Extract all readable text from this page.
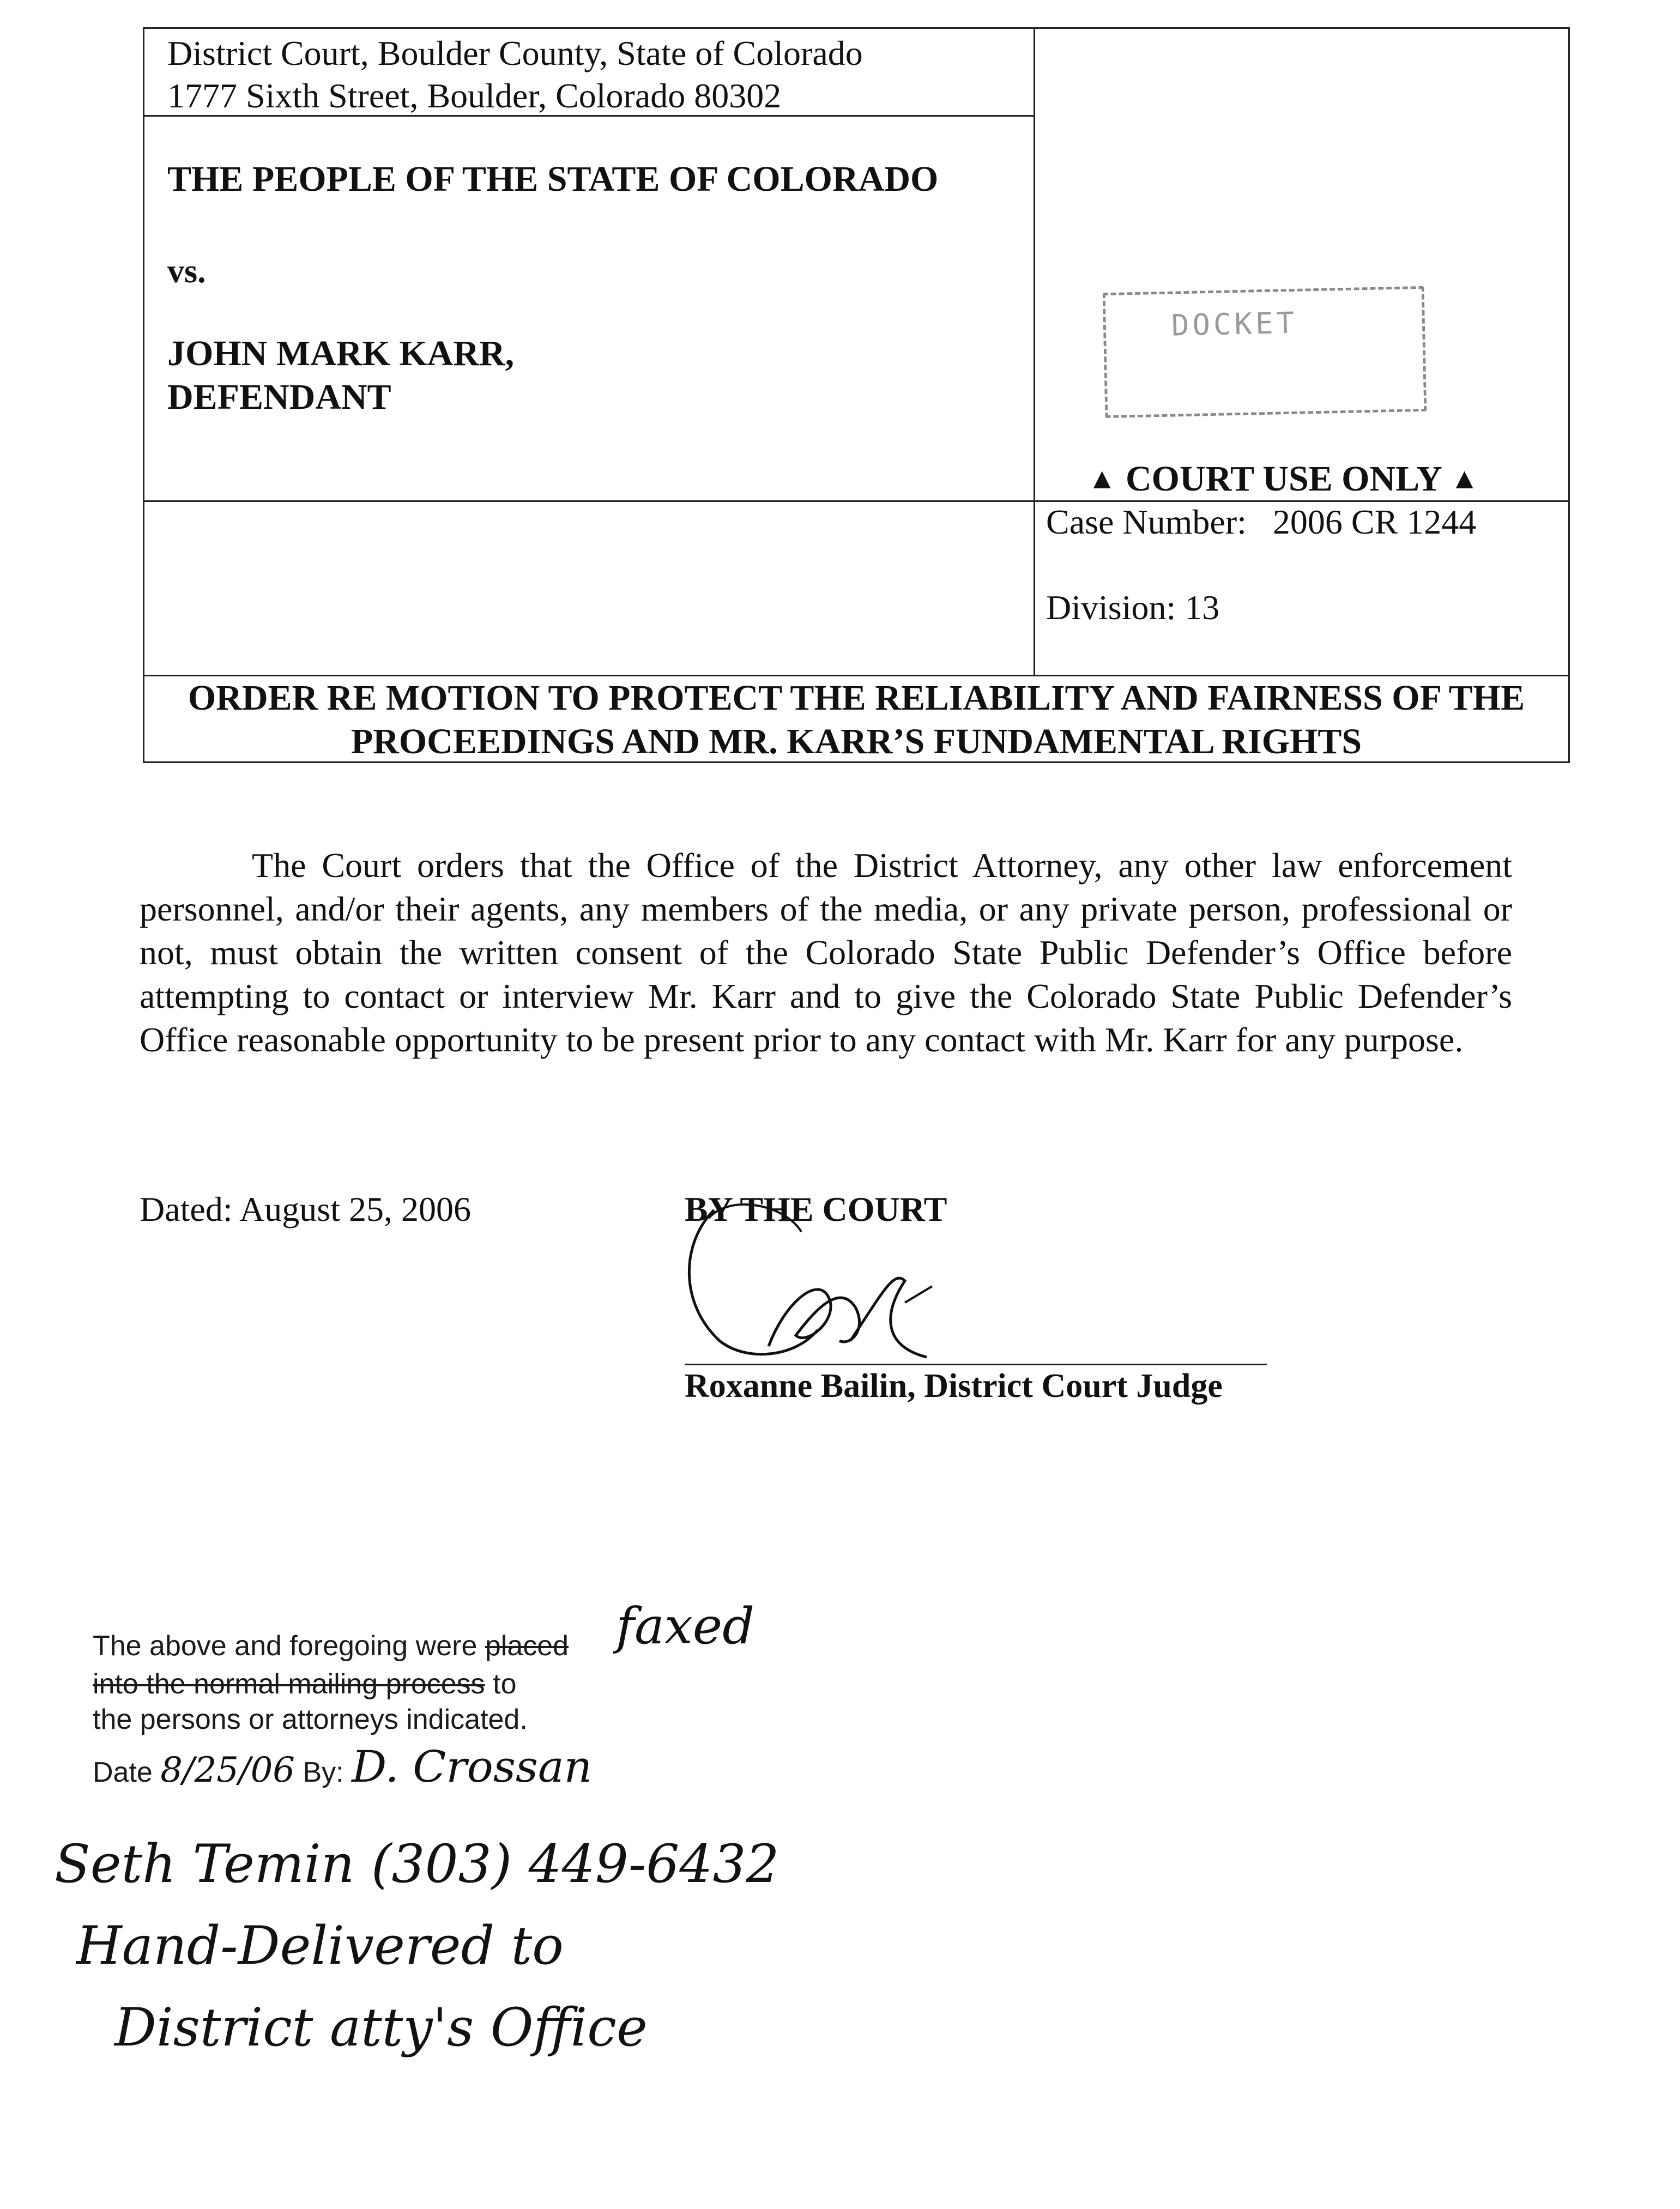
District Court, Boulder County, State of Colorado
1777 Sixth Street, Boulder, Colorado 80302
THE PEOPLE OF THE STATE OF COLORADO
vs.
JOHN MARK KARR,
DEFENDANT
DOCKET
▲ COURT USE ONLY ▲
Case Number: 2006 CR 1244
Division: 13
ORDER RE MOTION TO PROTECT THE RELIABILITY AND FAIRNESS OF THE
PROCEEDINGS AND MR. KARR’S FUNDAMENTAL RIGHTS
The Court orders that the Office of the District Attorney, any other law enforcement personnel, and/or their agents, any members of the media, or any private person, professional or not, must obtain the written consent of the Colorado State Public Defender’s Office before attempting to contact or interview Mr. Karr and to give the Colorado State Public Defender’s Office reasonable opportunity to be present prior to any contact with Mr. Karr for any purpose.
Dated: August 25, 2006	BY THE COURT
Roxanne Bailin, District Court Judge
The above and foregoing were placed faxed
into the normal mailing process to
the persons or attorneys indicated.
Date 8/25/06 By: D. Crossan
Seth Temin (303) 449-6432
Hand-Delivered to
District atty's Office
